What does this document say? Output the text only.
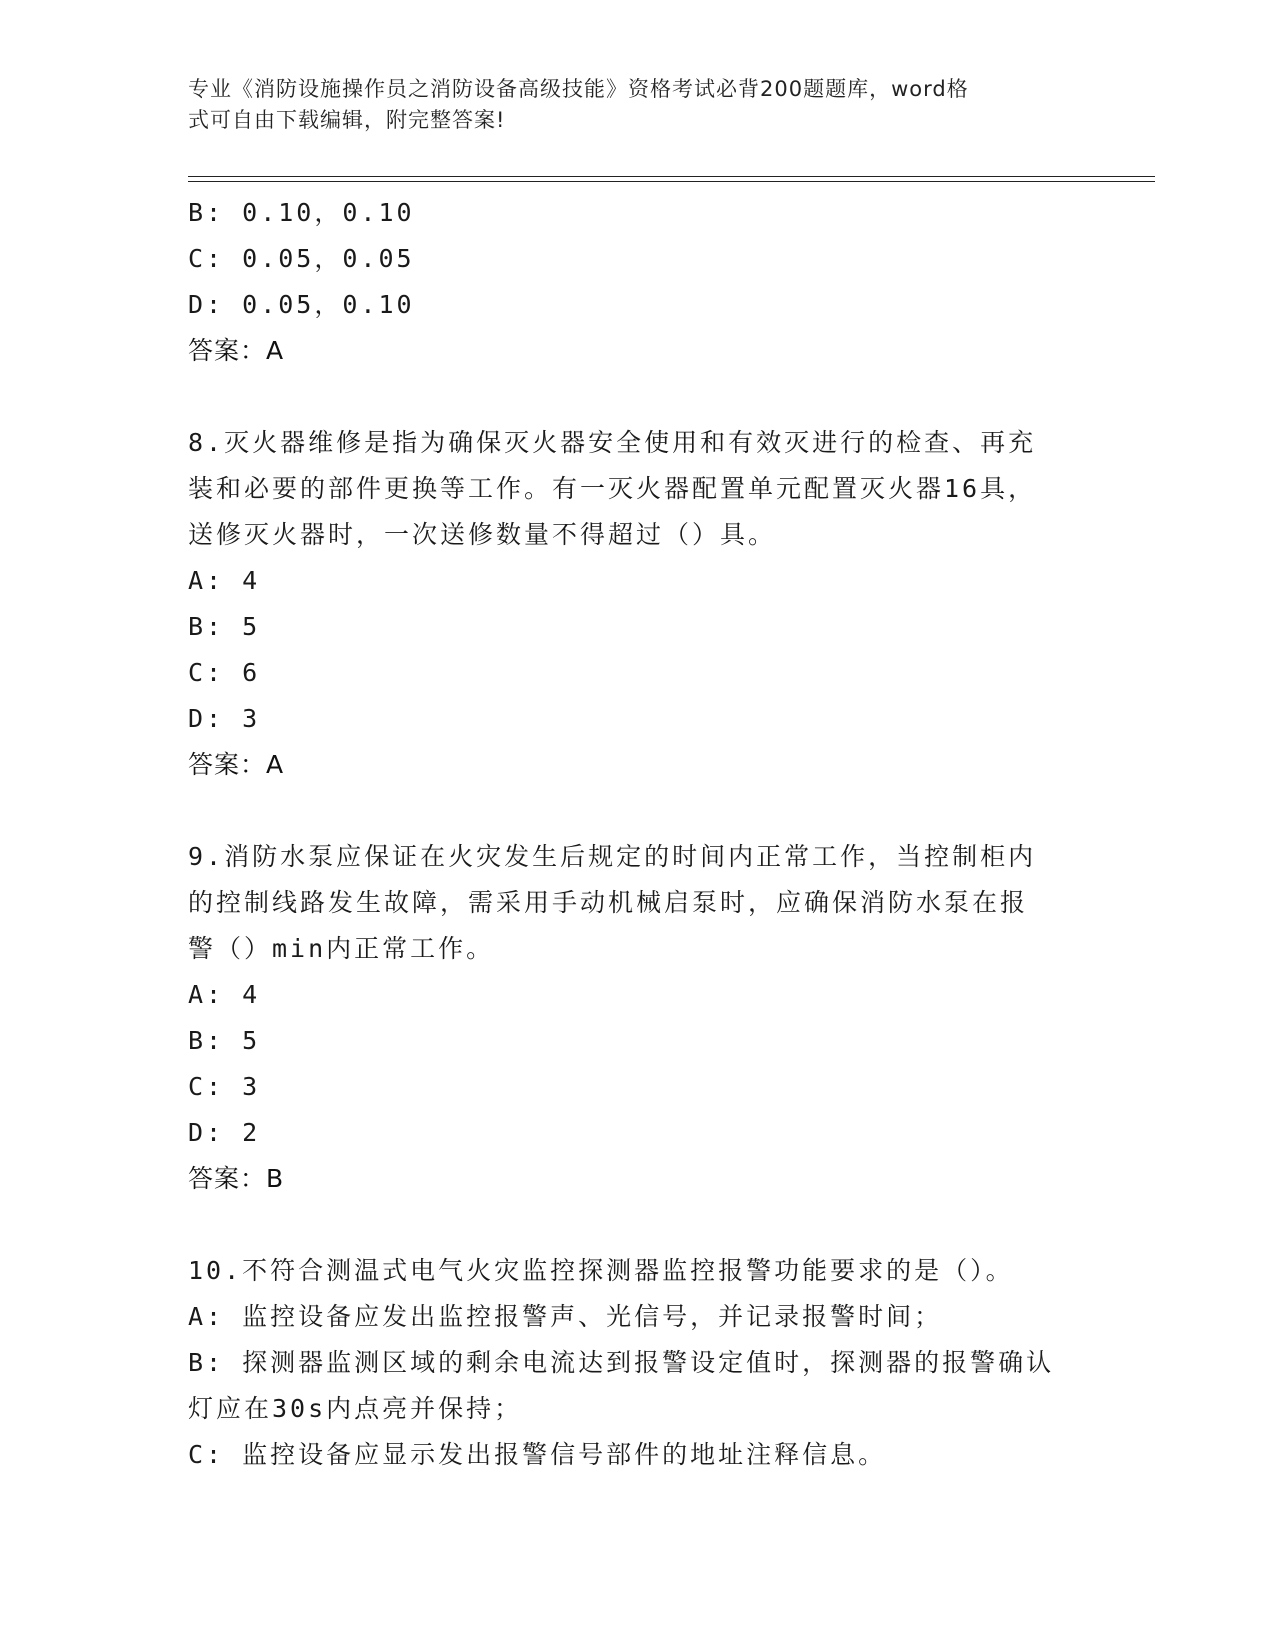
专业《消防设施操作员之消防设备高级技能》资格考试必背200题题库，word格
式可自由下载编辑，附完整答案!
B: 0.10，0.10
C: 0.05，0.05
D: 0.05，0.10
答案：A
8.灭火器维修是指为确保灭火器安全使用和有效灭进行的检查、再充
装和必要的部件更换等工作。有一灭火器配置单元配置灭火器16具，
送修灭火器时，一次送修数量不得超过（）具。
A: 4
B: 5
C: 6
D: 3
答案：A
9.消防水泵应保证在火灾发生后规定的时间内正常工作，当控制柜内
的控制线路发生故障，需采用手动机械启泵时，应确保消防水泵在报
警（）min内正常工作。
A: 4
B: 5
C: 3
D: 2
答案：B
10.不符合测温式电气火灾监控探测器监控报警功能要求的是（）。
A: 监控设备应发出监控报警声、光信号，并记录报警时间；
B: 探测器监测区域的剩余电流达到报警设定值时，探测器的报警确认
灯应在30s内点亮并保持；
C: 监控设备应显示发出报警信号部件的地址注释信息。
